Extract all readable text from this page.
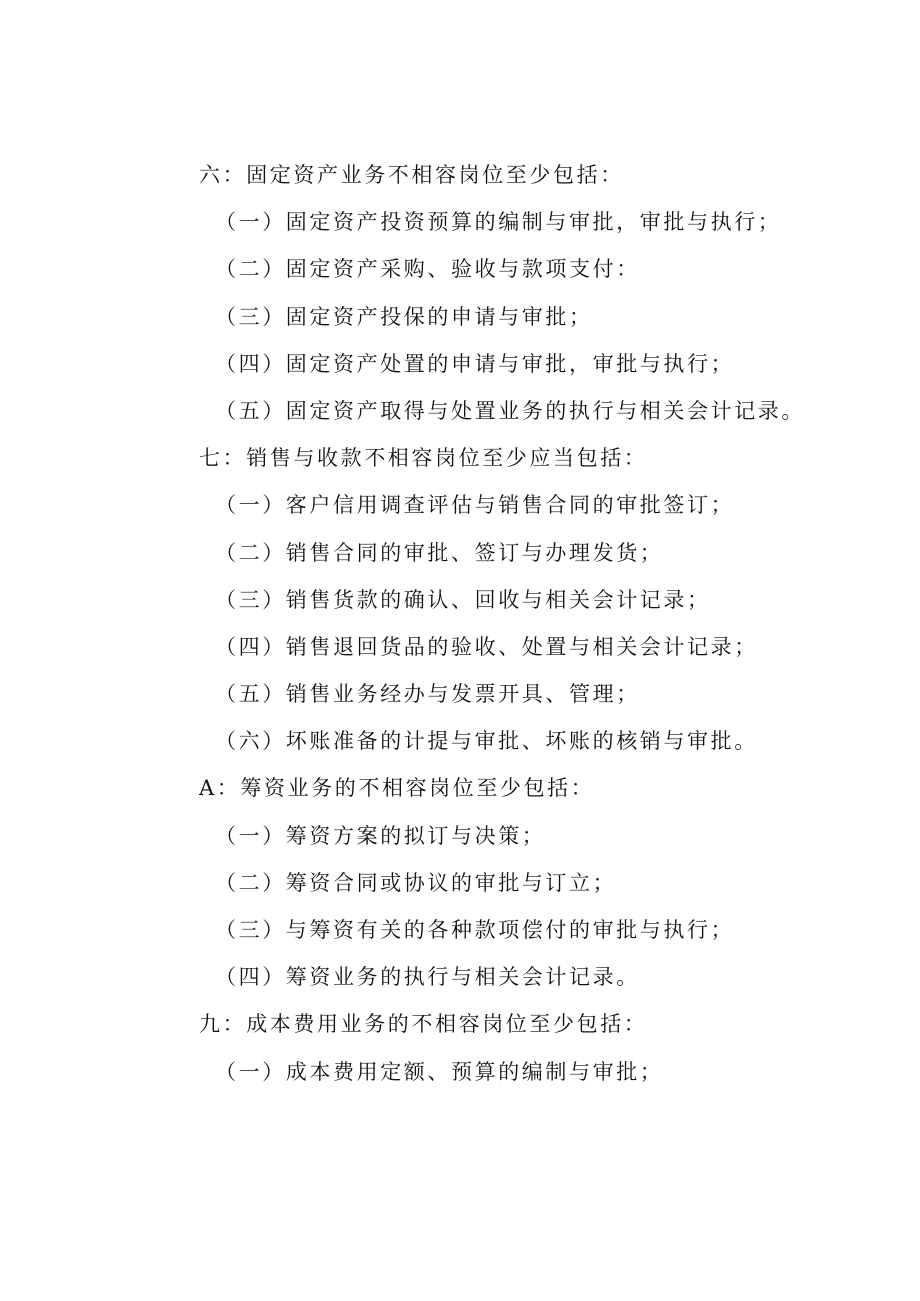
六：固定资产业务不相容岗位至少包括：
（一）固定资产投资预算的编制与审批，审批与执行；
（二）固定资产采购、验收与款项支付：
（三）固定资产投保的申请与审批；
（四）固定资产处置的申请与审批，审批与执行；
（五）固定资产取得与处置业务的执行与相关会计记录。
七：销售与收款不相容岗位至少应当包括：
（一）客户信用调查评估与销售合同的审批签订；
（二）销售合同的审批、签订与办理发货；
（三）销售货款的确认、回收与相关会计记录；
（四）销售退回货品的验收、处置与相关会计记录；
（五）销售业务经办与发票开具、管理；
（六）坏账准备的计提与审批、坏账的核销与审批。
A：筹资业务的不相容岗位至少包括：
（一）筹资方案的拟订与决策；
（二）筹资合同或协议的审批与订立；
（三）与筹资有关的各种款项偿付的审批与执行；
（四）筹资业务的执行与相关会计记录。
九：成本费用业务的不相容岗位至少包括：
（一）成本费用定额、预算的编制与审批；
